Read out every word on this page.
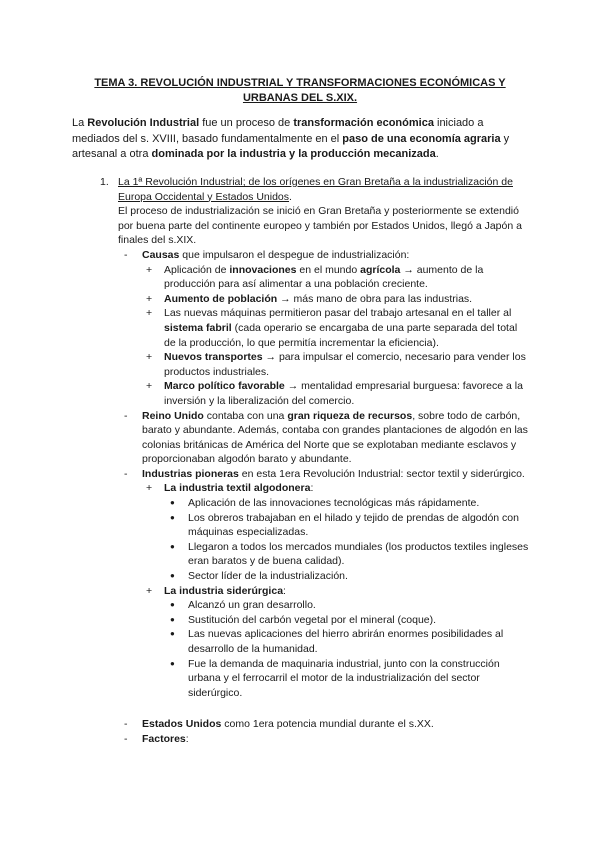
TEMA 3. REVOLUCIÓN INDUSTRIAL Y TRANSFORMACIONES ECONÓMICAS Y URBANAS DEL S.XIX.

La Revolución Industrial fue un proceso de transformación económica iniciado a mediados del s. XVIII, basado fundamentalmente en el paso de una economía agraria y artesanal a otra dominada por la industria y la producción mecanizada.

1. La 1ª Revolución Industrial; de los orígenes en Gran Bretaña a la industrialización de Europa Occidental y Estados Unidos.
El proceso de industrialización se inició en Gran Bretaña y posteriormente se extendió por buena parte del continente europeo y también por Estados Unidos, llegó a Japón a finales del s.XIX.
- Causas que impulsaron el despegue de industrialización:
+ Aplicación de innovaciones en el mundo agrícola → aumento de la producción para así alimentar a una población creciente.
+ Aumento de población → más mano de obra para las industrias.
+ Las nuevas máquinas permitieron pasar del trabajo artesanal en el taller al sistema fabril (cada operario se encargaba de una parte separada del total de la producción, lo que permitía incrementar la eficiencia).
+ Nuevos transportes → para impulsar el comercio, necesario para vender los productos industriales.
+ Marco político favorable → mentalidad empresarial burguesa: favorece a la inversión y la liberalización del comercio.
- Reino Unido contaba con una gran riqueza de recursos, sobre todo de carbón, barato y abundante. Además, contaba con grandes plantaciones de algodón en las colonias británicas de América del Norte que se explotaban mediante esclavos y proporcionaban algodón barato y abundante.
- Industrias pioneras en esta 1era Revolución Industrial: sector textil y siderúrgico.
+ La industria textil algodonera:
● Aplicación de las innovaciones tecnológicas más rápidamente.
● Los obreros trabajaban en el hilado y tejido de prendas de algodón con máquinas especializadas.
● Llegaron a todos los mercados mundiales (los productos textiles ingleses eran baratos y de buena calidad).
● Sector líder de la industrialización.
+ La industria siderúrgica:
● Alcanzó un gran desarrollo.
● Sustitución del carbón vegetal por el mineral (coque).
● Las nuevas aplicaciones del hierro abrirán enormes posibilidades al desarrollo de la humanidad.
● Fue la demanda de maquinaria industrial, junto con la construcción urbana y el ferrocarril el motor de la industrialización del sector siderúrgico.
- Estados Unidos como 1era potencia mundial durante el s.XX.
- Factores:
